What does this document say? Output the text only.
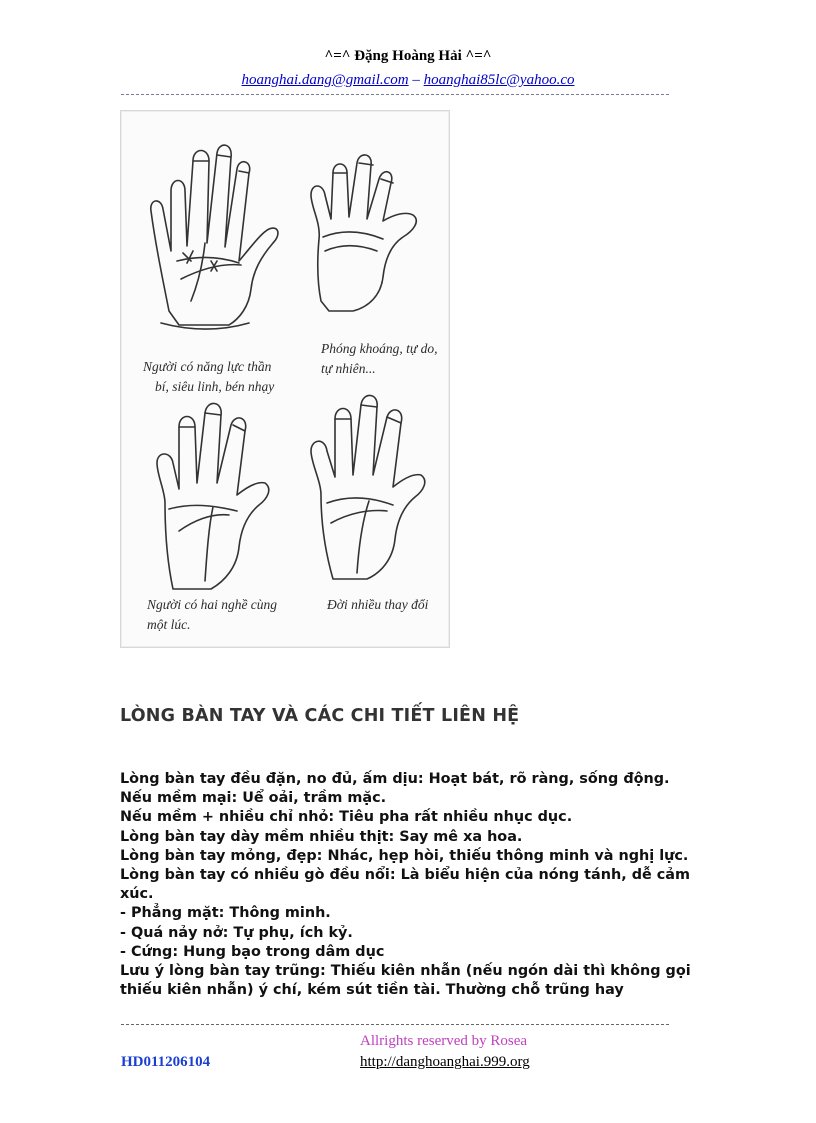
^=^ Đặng Hoàng Hải ^=^
hoanghai.dang@gmail.com – hoanghai85lc@yahoo.co
Người có năng lực thần
bí, siêu linh, bén nhạy
Phóng khoáng, tự do,
tự nhiên...
Người có hai nghề cùng
một lúc.
Đời nhiều thay đổi
LÒNG BÀN TAY VÀ CÁC CHI TIẾT LIÊN HỆ

Lòng bàn tay đều đặn, no đủ, ấm dịu: Hoạt bát, rõ ràng, sống động.

Nếu mềm mại: Uể oải, trầm mặc.

Nếu mềm + nhiều chỉ nhỏ: Tiêu pha rất nhiều nhục dục.

Lòng bàn tay dày mềm nhiều thịt: Say mê xa hoa.

Lòng bàn tay mỏng, đẹp: Nhác, hẹp hòi, thiếu thông minh và nghị lực.

Lòng bàn tay có nhiều gò đều nổi: Là biểu hiện của nóng tánh, dễ cảm xúc.

- Phẳng mặt: Thông minh.

- Quá nảy nở: Tự phụ, ích kỷ.

- Cứng: Hung bạo trong dâm dục

Lưu ý lòng bàn tay trũng: Thiếu kiên nhẫn (nếu ngón dài thì không gọi thiếu kiên nhẫn) ý chí, kém sút tiền tài. Thường chỗ trũng hay

Allrights reserved by Rosea
HD011206104	http://danghoanghai.999.org
